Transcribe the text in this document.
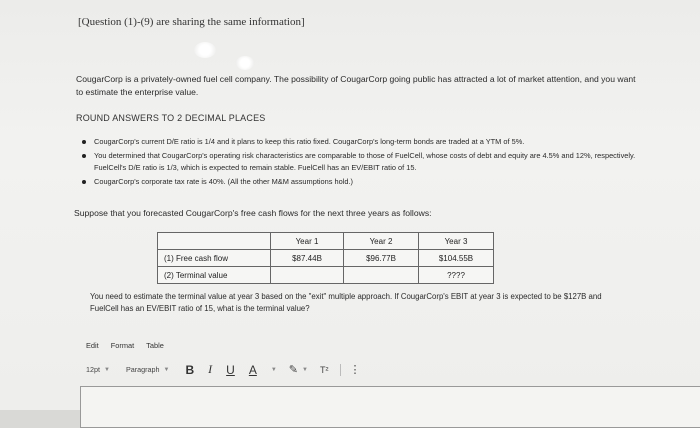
[Question (1)-(9) are sharing the same information]
CougarCorp is a privately-owned fuel cell company. The possibility of CougarCorp going public has attracted a lot of market attention, and you want to estimate the enterprise value.
ROUND ANSWERS TO 2 DECIMAL PLACES
CougarCorp's current D/E ratio is 1/4 and it plans to keep this ratio fixed. CougarCorp's long-term bonds are traded at a YTM of 5%.
You determined that CougarCorp's operating risk characteristics are comparable to those of FuelCell, whose costs of debt and equity are 4.5% and 12%, respectively. FuelCell's D/E ratio is 1/3, which is expected to remain stable. FuelCell has an EV/EBIT ratio of 15.
CougarCorp's corporate tax rate is 40%. (All the other M&M assumptions hold.)
Suppose that you forecasted CougarCorp's free cash flows for the next three years as follows:
	Year 1	Year 2	Year 3
(1) Free cash flow	$87.44B	$96.77B	$104.55B
(2) Terminal value			????
You need to estimate the terminal value at year 3 based on the "exit" multiple approach. If CougarCorp's EBIT at year 3 is expected to be $127B and FuelCell has an EV/EBIT ratio of 15, what is the terminal value?
Edit Format Table
12pt ▼ Paragraph ▼ B I U A ▼ ✎ ▼ T² ⋮
